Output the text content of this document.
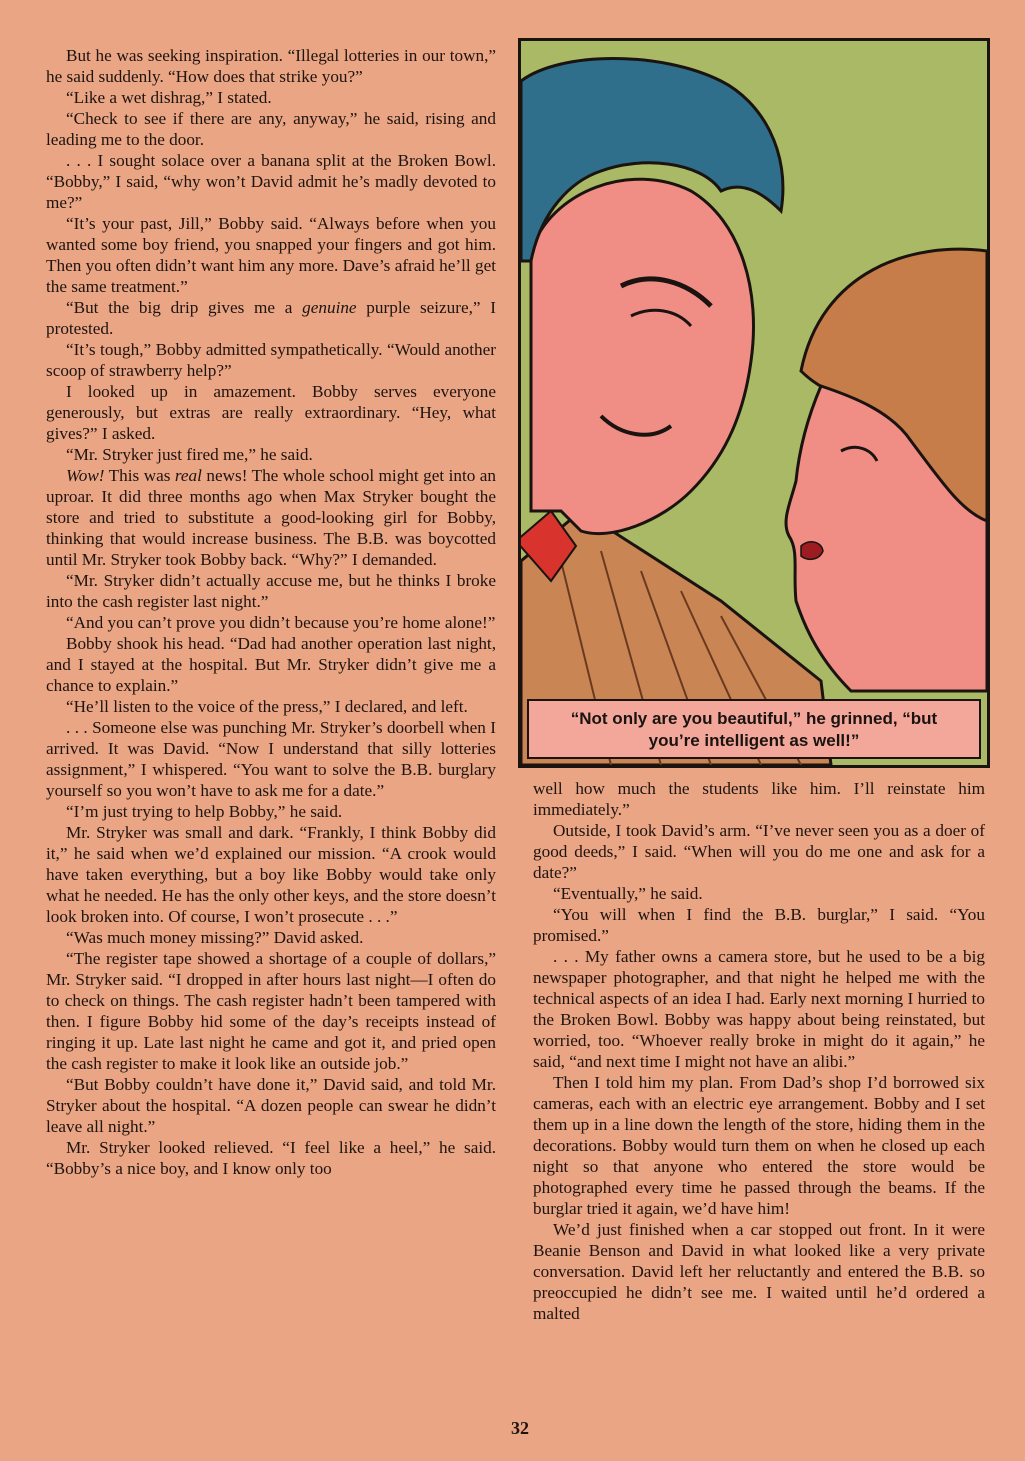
But he was seeking inspiration. “Illegal lotteries in our town,” he said suddenly. “How does that strike you?”

“Like a wet dishrag,” I stated.

“Check to see if there are any, anyway,” he said, rising and leading me to the door.

. . . I sought solace over a banana split at the Broken Bowl. “Bobby,” I said, “why won’t David admit he’s madly devoted to me?”

“It’s your past, Jill,” Bobby said. “Always before when you wanted some boy friend, you snapped your fingers and got him. Then you often didn’t want him any more. Dave’s afraid he’ll get the same treatment.”

“But the big drip gives me a genuine purple seizure,” I protested.

“It’s tough,” Bobby admitted sympathetically. “Would another scoop of strawberry help?”

I looked up in amazement. Bobby serves everyone generously, but extras are really extraordinary. “Hey, what gives?” I asked.

“Mr. Stryker just fired me,” he said.

Wow! This was real news! The whole school might get into an uproar. It did three months ago when Max Stryker bought the store and tried to substitute a good-looking girl for Bobby, thinking that would increase business. The B.B. was boycotted until Mr. Stryker took Bobby back. “Why?” I demanded.

“Mr. Stryker didn’t actually accuse me, but he thinks I broke into the cash register last night.”

“And you can’t prove you didn’t because you’re home alone!”

Bobby shook his head. “Dad had another operation last night, and I stayed at the hospital. But Mr. Stryker didn’t give me a chance to explain.”

“He’ll listen to the voice of the press,” I declared, and left.

. . . Someone else was punching Mr. Stryker’s doorbell when I arrived. It was David. “Now I understand that silly lotteries assignment,” I whispered. “You want to solve the B.B. burglary yourself so you won’t have to ask me for a date.”

“I’m just trying to help Bobby,” he said.

Mr. Stryker was small and dark. “Frankly, I think Bobby did it,” he said when we’d explained our mission. “A crook would have taken everything, but a boy like Bobby would take only what he needed. He has the only other keys, and the store doesn’t look broken into. Of course, I won’t prosecute . . .”

“Was much money missing?” David asked.

“The register tape showed a shortage of a couple of dollars,” Mr. Stryker said. “I dropped in after hours last night—I often do to check on things. The cash register hadn’t been tampered with then. I figure Bobby hid some of the day’s receipts instead of ringing it up. Late last night he came and got it, and pried open the cash register to make it look like an outside job.”

“But Bobby couldn’t have done it,” David said, and told Mr. Stryker about the hospital. “A dozen people can swear he didn’t leave all night.”

Mr. Stryker looked relieved. “I feel like a heel,” he said. “Bobby’s a nice boy, and I know only too

“Not only are you beautiful,” he grinned, “but
you’re intelligent as well!”

well how much the students like him. I’ll reinstate him immediately.”

Outside, I took David’s arm. “I’ve never seen you as a doer of good deeds,” I said. “When will you do me one and ask for a date?”

“Eventually,” he said.

“You will when I find the B.B. burglar,” I said. “You promised.”

. . . My father owns a camera store, but he used to be a big newspaper photographer, and that night he helped me with the technical aspects of an idea I had. Early next morning I hurried to the Broken Bowl. Bobby was happy about being reinstated, but worried, too. “Whoever really broke in might do it again,” he said, “and next time I might not have an alibi.”

Then I told him my plan. From Dad’s shop I’d borrowed six cameras, each with an electric eye arrangement. Bobby and I set them up in a line down the length of the store, hiding them in the decorations. Bobby would turn them on when he closed up each night so that anyone who entered the store would be photographed every time he passed through the beams. If the burglar tried it again, we’d have him!

We’d just finished when a car stopped out front. In it were Beanie Benson and David in what looked like a very private conversation. David left her reluctantly and entered the B.B. so preoccupied he didn’t see me. I waited until he’d ordered a malted

32
